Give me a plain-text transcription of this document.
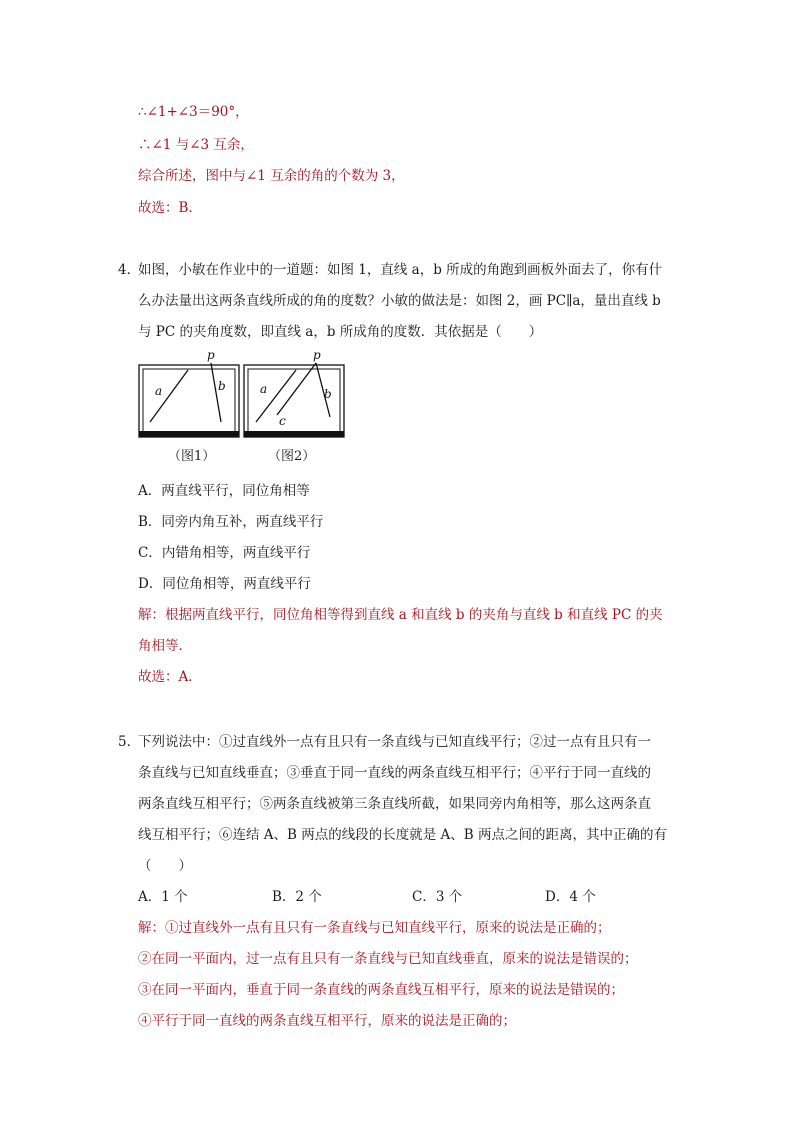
∴∠1+∠3＝90°，
∴∠1 与∠3 互余，
综合所述，图中与∠1 互余的角的个数为 3，
故选：B．
4．
如图，小敏在作业中的一道题：如图 1，直线 a，b 所成的角跑到画板外面去了，你有什
么办法量出这两条直线所成的角的度数？小敏的做法是：如图 2，画 PC∥a，量出直线 b
与 PC 的夹角度数，即直线 a，b 所成角的度数．其依据是（　　）
p
a	b
p
a	b
c
（图1）	（图2）
A．两直线平行，同位角相等
B．同旁内角互补，两直线平行
C．内错角相等，两直线平行
D．同位角相等，两直线平行
解：根据两直线平行，同位角相等得到直线 a 和直线 b 的夹角与直线 b 和直线 PC 的夹
角相等．
故选：A．
5．
下列说法中：①过直线外一点有且只有一条直线与已知直线平行；②过一点有且只有一
条直线与已知直线垂直；③垂直于同一直线的两条直线互相平行；④平行于同一直线的
两条直线互相平行；⑤两条直线被第三条直线所截，如果同旁内角相等，那么这两条直
线互相平行；⑥连结 A、B 两点的线段的长度就是 A、B 两点之间的距离，其中正确的有
（　　）
A．1 个	B．2 个	C．3 个	D．4 个
解：①过直线外一点有且只有一条直线与已知直线平行，原来的说法是正确的；
②在同一平面内，过一点有且只有一条直线与已知直线垂直，原来的说法是错误的；
③在同一平面内，垂直于同一条直线的两条直线互相平行，原来的说法是错误的；
④平行于同一直线的两条直线互相平行，原来的说法是正确的；
